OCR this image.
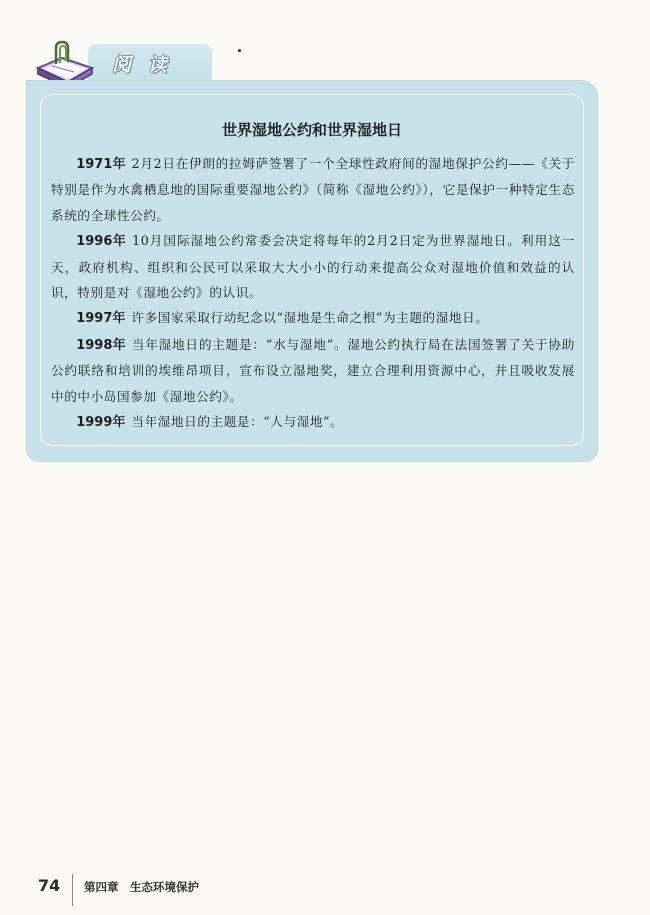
阅读
世界湿地公约和世界湿地日

1971年 2月2日在伊朗的拉姆萨签署了一个全球性政府间的湿地保护公约——《关于特别是作为水禽栖息地的国际重要湿地公约》（简称《湿地公约》），它是保护一种特定生态系统的全球性公约。

1996年 10月国际湿地公约常委会决定将每年的2月2日定为世界湿地日。利用这一天，政府机构、组织和公民可以采取大大小小的行动来提高公众对湿地价值和效益的认识，特别是对《湿地公约》的认识。

1997年 许多国家采取行动纪念以“湿地是生命之根”为主题的湿地日。

1998年 当年湿地日的主题是：“水与湿地”。湿地公约执行局在法国签署了关于协助公约联络和培训的埃维昂项目，宣布设立湿地奖，建立合理利用资源中心，并且吸收发展中的中小岛国参加《湿地公约》。

1999年 当年湿地日的主题是：“人与湿地”。

74 第四章　生态环境保护
